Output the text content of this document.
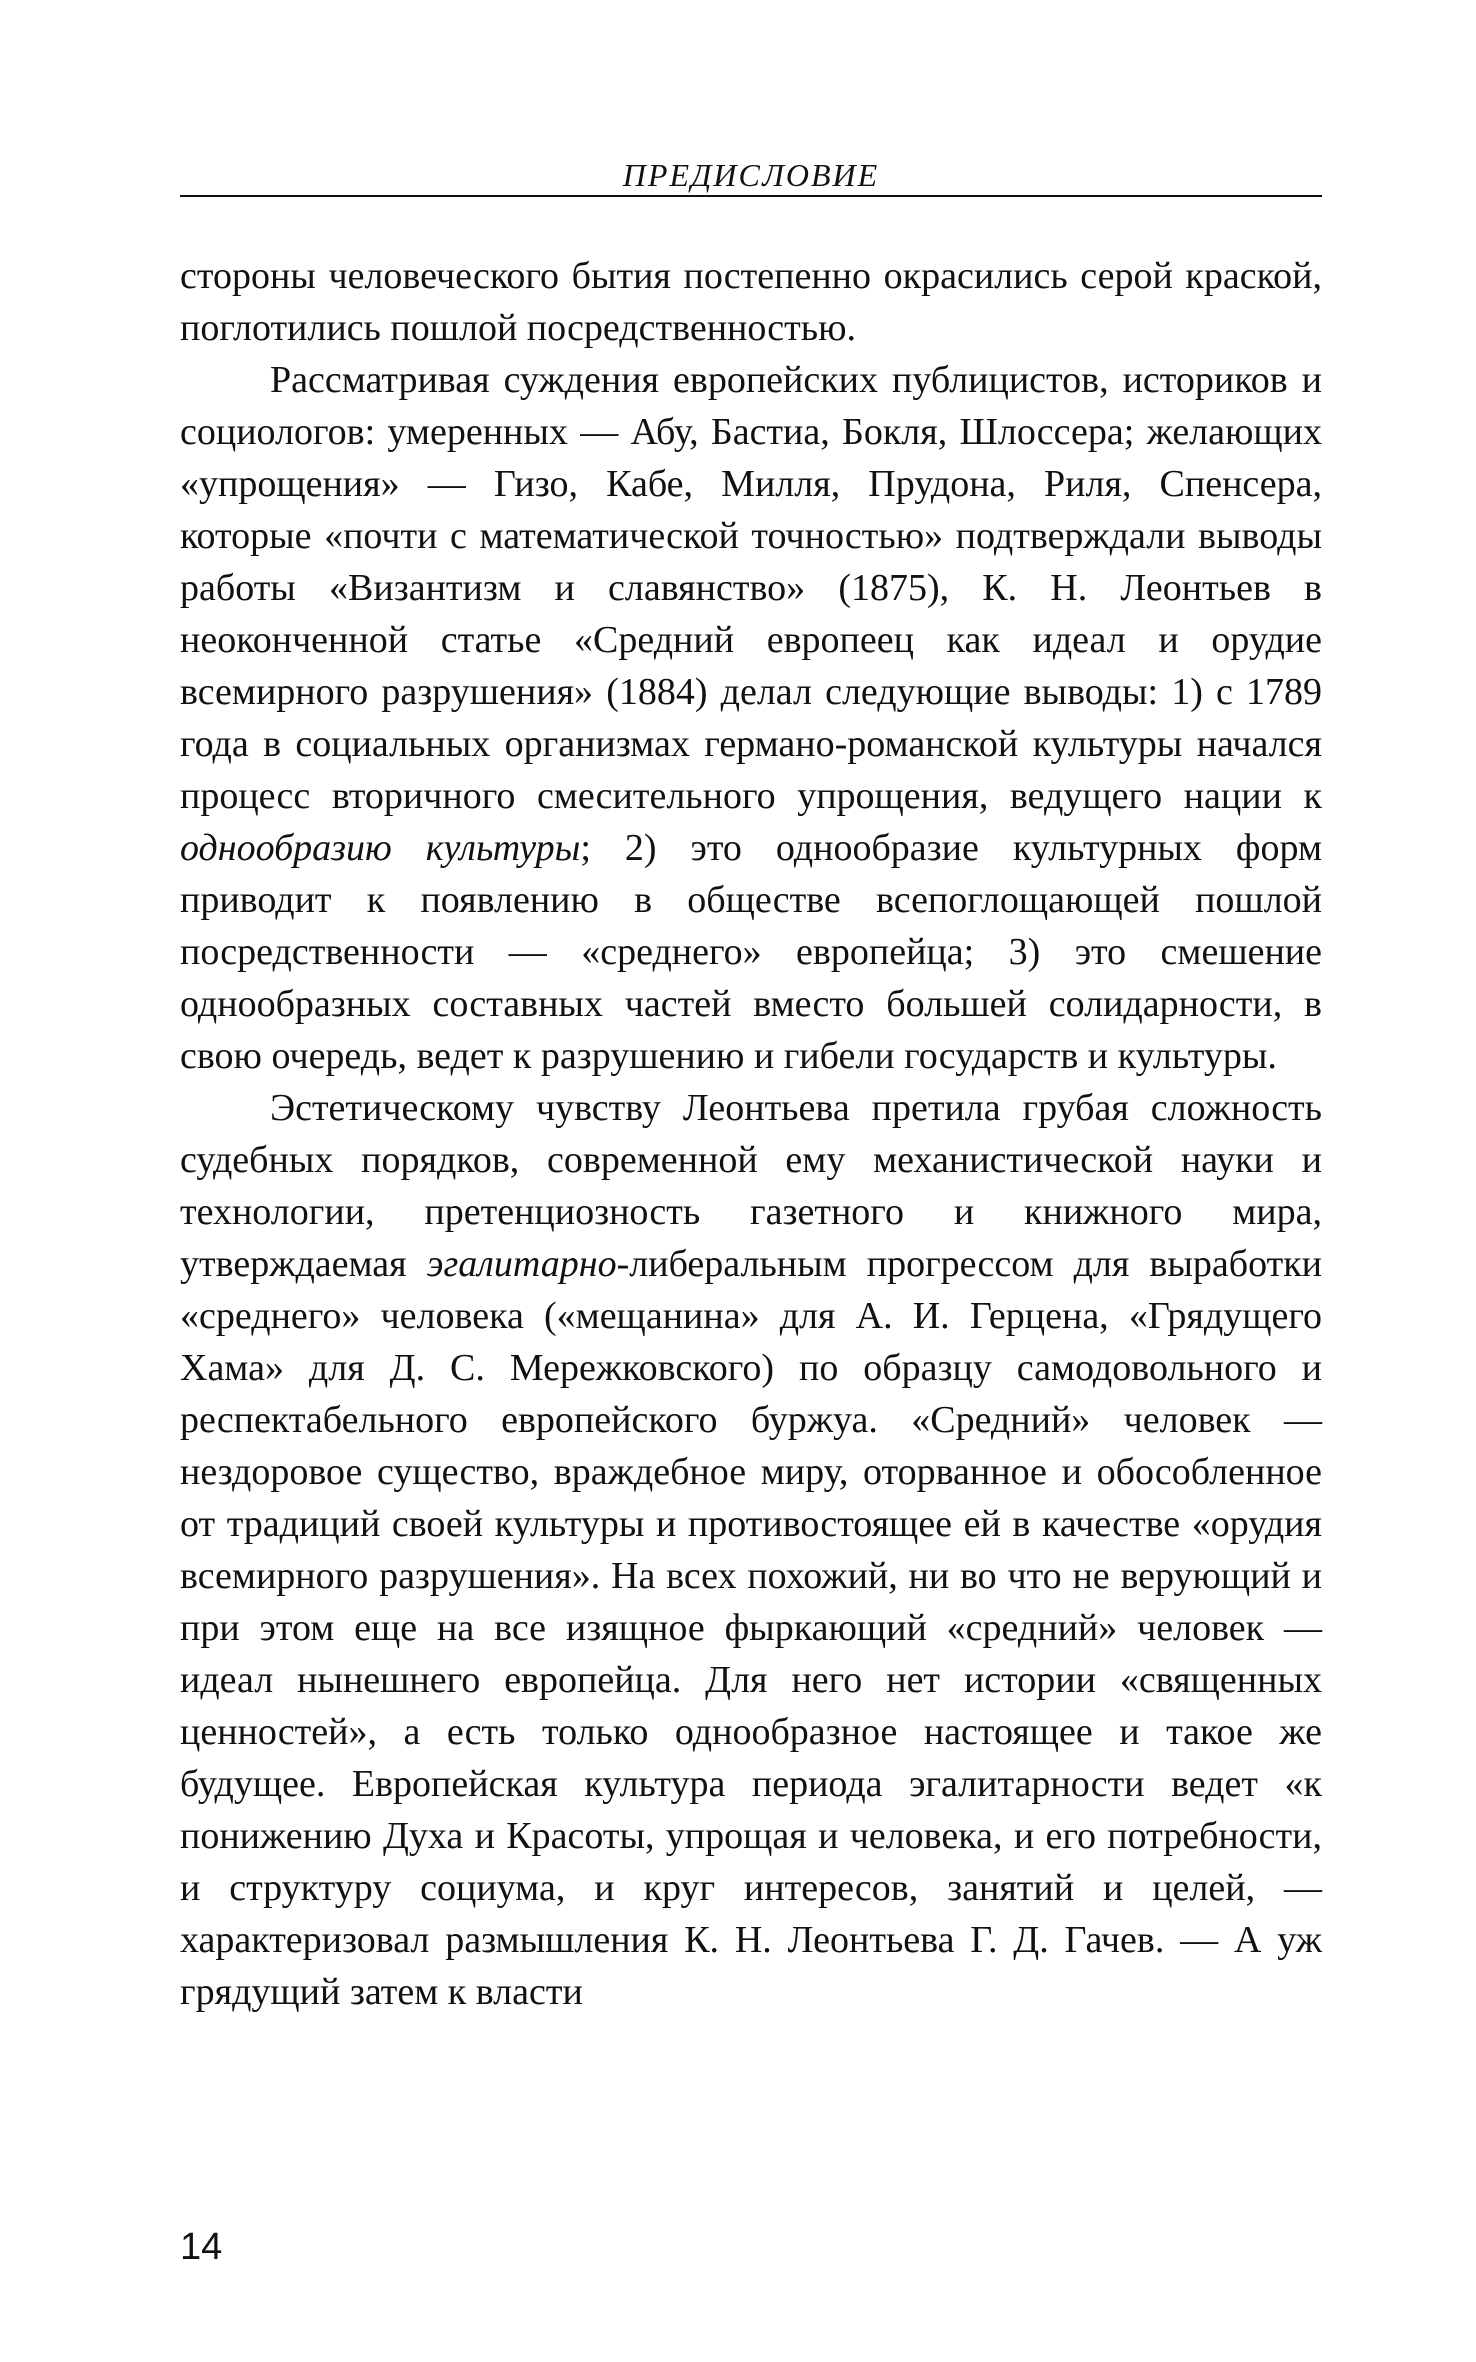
ПРЕДИСЛОВИЕ

стороны человеческого бытия постепенно окрасились серой краской, поглотились пошлой посредственностью.

Рассматривая суждения европейских публицистов, историков и социологов: умеренных — Абу, Бастиа, Бокля, Шлоссера; желающих «упрощения» — Гизо, Кабе, Милля, Прудона, Риля, Спенсера, которые «почти с математической точностью» подтверждали выводы работы «Византизм и славянство» (1875), К. Н. Леонтьев в неоконченной статье «Средний европеец как идеал и орудие всемирного разрушения» (1884) делал следующие выводы: 1) с 1789 года в социальных организмах германо-романской культуры начался процесс вторичного смесительного упрощения, ведущего нации к однообразию культуры; 2) это однообразие культурных форм приводит к появлению в обществе всепоглощающей пошлой посредственности — «среднего» европейца; 3) это смешение однообразных составных частей вместо большей солидарности, в свою очередь, ведет к разрушению и гибели государств и культуры.

Эстетическому чувству Леонтьева претила грубая сложность судебных порядков, современной ему механистической науки и технологии, претенциозность газетного и книжного мира, утверждаемая эгалитарно-либеральным прогрессом для выработки «среднего» человека («мещанина» для А. И. Герцена, «Грядущего Хама» для Д. С. Мережковского) по образцу самодовольного и респектабельного европейского буржуа. «Средний» человек — нездоровое существо, враждебное миру, оторванное и обособленное от традиций своей культуры и противостоящее ей в качестве «орудия всемирного разрушения». На всех похожий, ни во что не верующий и при этом еще на все изящное фыркающий «средний» человек — идеал нынешнего европейца. Для него нет истории «священных ценностей», а есть только однообразное настоящее и такое же будущее. Европейская культура периода эгалитарности ведет «к понижению Духа и Красоты, упрощая и человека, и его потребности, и структуру социума, и круг интересов, занятий и целей, — характеризовал размышления К. Н. Леонтьева Г. Д. Гачев. — А уж грядущий затем к власти

14
